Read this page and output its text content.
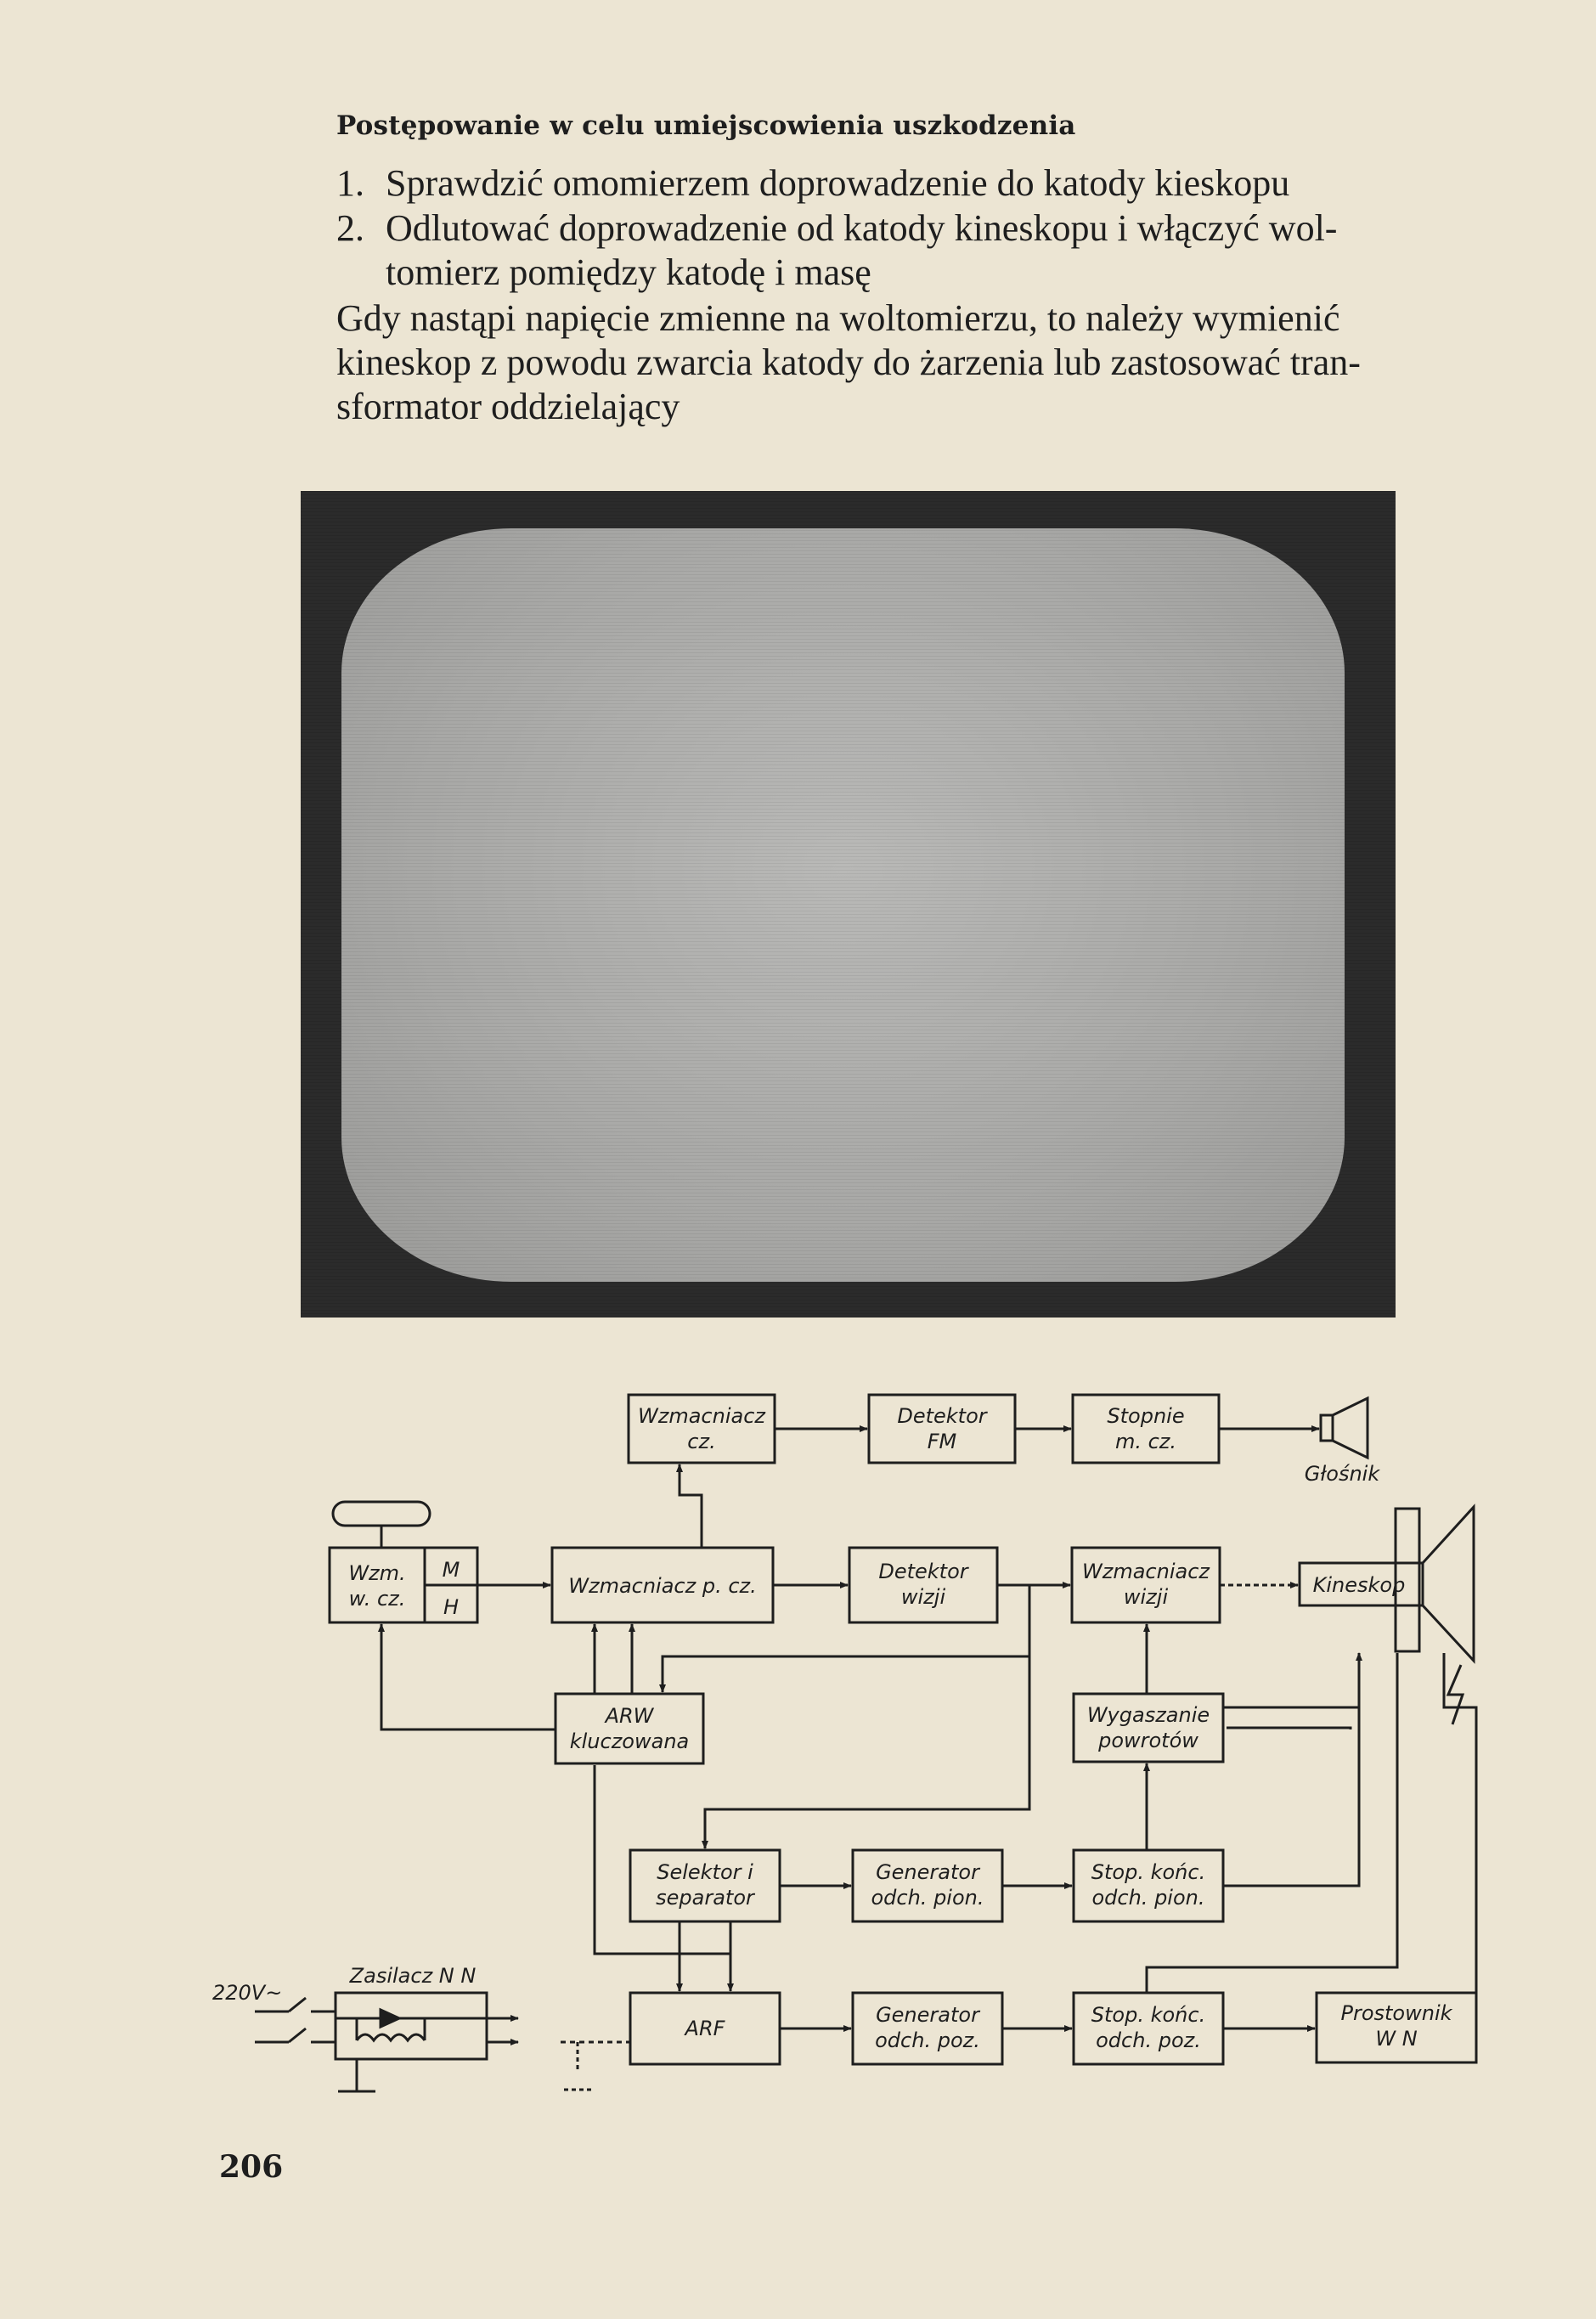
Postępowanie w celu umiejscowienia uszkodzenia
1. Sprawdzić omomierzem doprowadzenie do katody kieskopu
2. Odlutować doprowadzenie od katody kineskopu i włączyć wol-
tomierz pomiędzy katodę i masę
Gdy nastąpi napięcie zmienne na woltomierzu, to należy wymienić
kineskop z powodu zwarcia katody do żarzenia lub zastosować tran-
sformator oddzielający
Wzmacniacz
cz.
Detektor
FM
Stopnie
m. cz.
Głośnik
Wzm.
w. cz.
M
H
Wzmacniacz p. cz.
Detektor
wizji
Wzmacniacz
wizji	Kineskop
ARW
kluczowana
Wygaszanie
powrotów
Selektor i
separator
Generator
odch. pion.
Stop. końc.
odch. pion.
Zasilacz N N
220V~
ARF
Generator
odch. poz.
Stop. końc.
odch. poz.
Prostownik
W N
206
